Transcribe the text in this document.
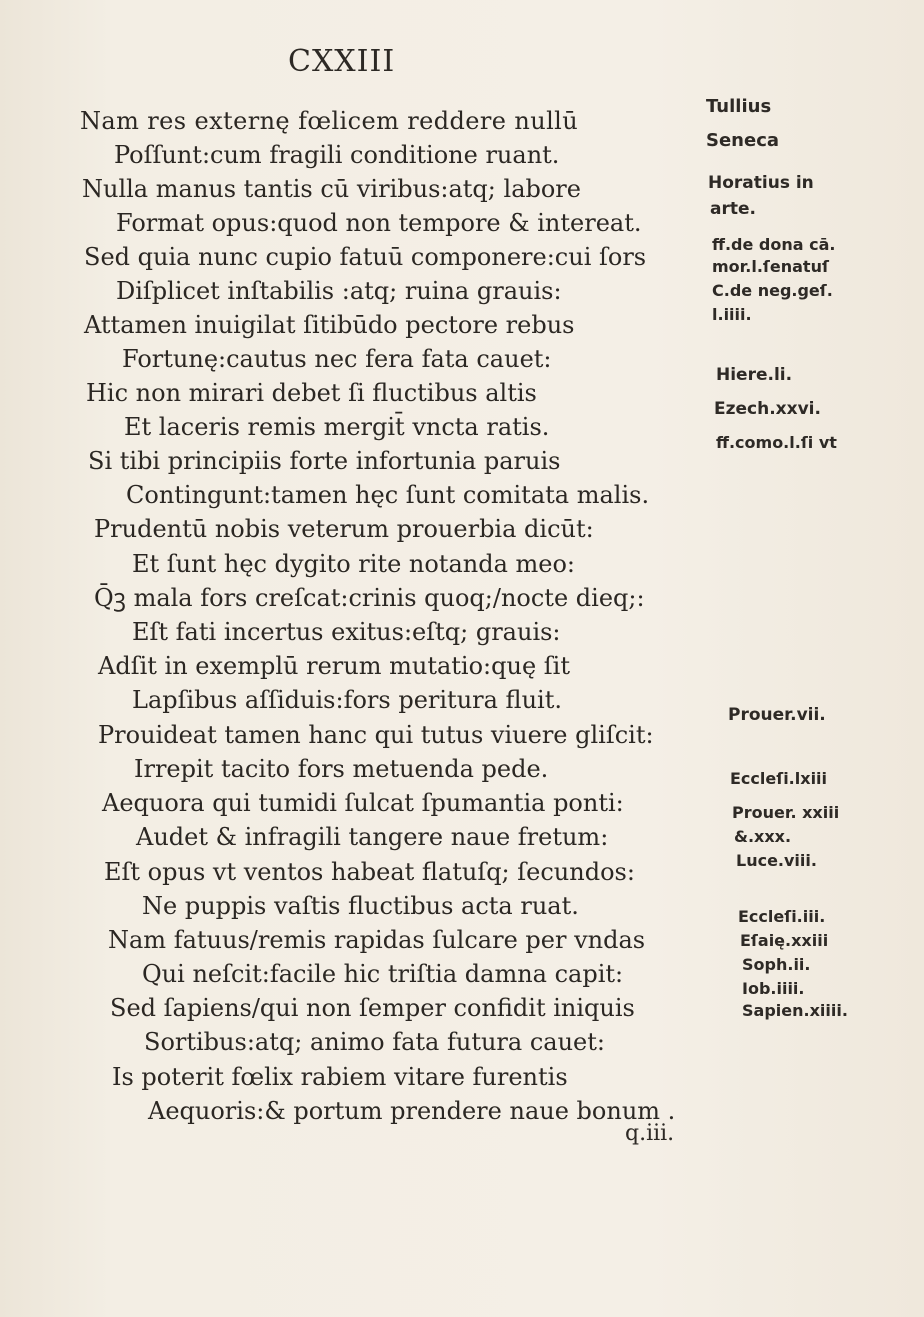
CXXIII
Nam res externę fœlicem reddere nullū
Poſſunt:cum fragili conditione ruant.
Nulla manus tantis cū viribus:atq; labore
Format opus:quod non tempore & intereat.
Sed quia nunc cupio fatuū componere:cui ſors
Diſplicet inſtabilis :atq; ruina grauis:
Attamen inuigilat ſitibūdo pectore rebus
Fortunę:cautus nec fera fata cauet:
Hic non mirari debet ſi fluctibus altis
Et laceris remis mergit̄ vncta ratis.
Si tibi principiis forte infortunia paruis
Contingunt:tamen hęc ſunt comitata malis.
Prudentū nobis veterum prouerbia dicūt:
Et ſunt hęc dygito rite notanda meo:
Q̄ꝫ mala fors creſcat:crinis quoq;/nocte dieq;:
Eſt fati incertus exitus:eſtq; grauis:
Adſit in exemplū rerum mutatio:quę ſit
Lapſibus aſſiduis:fors peritura fluit.
Prouideat tamen hanc qui tutus viuere gliſcit:
Irrepit tacito fors metuenda pede.
Aequora qui tumidi ſulcat ſpumantia ponti:
Audet & infragili tangere naue fretum:
Eſt opus vt ventos habeat flatuſq; ſecundos:
Ne puppis vaſtis fluctibus acta ruat.
Nam fatuus/remis rapidas ſulcare per vndas
Qui neſcit:facile hic triſtia damna capit:
Sed ſapiens/qui non ſemper confidit iniquis
Sortibus:atq; animo fata futura cauet:
Is poterit fœlix rabiem vitare furentis
Aequoris:& portum prendere naue bonum .
Tullius
Seneca
Horatius in
arte.
ff.de dona cā.
mor.l.ſenatuſ
C.de neg.geſ.
l.iiii.
Hiere.li.
Ezech.xxvi.
ff.como.l.ſi vt
Prouer.vii.
Eccleſi.lxiii
Prouer. xxiii
&.xxx.
Luce.viii.
Eccleſi.iii.
Eſaię.xxiii
Soph.ii.
Iob.iiii.
Sapien.xiiii.
q.iii.
